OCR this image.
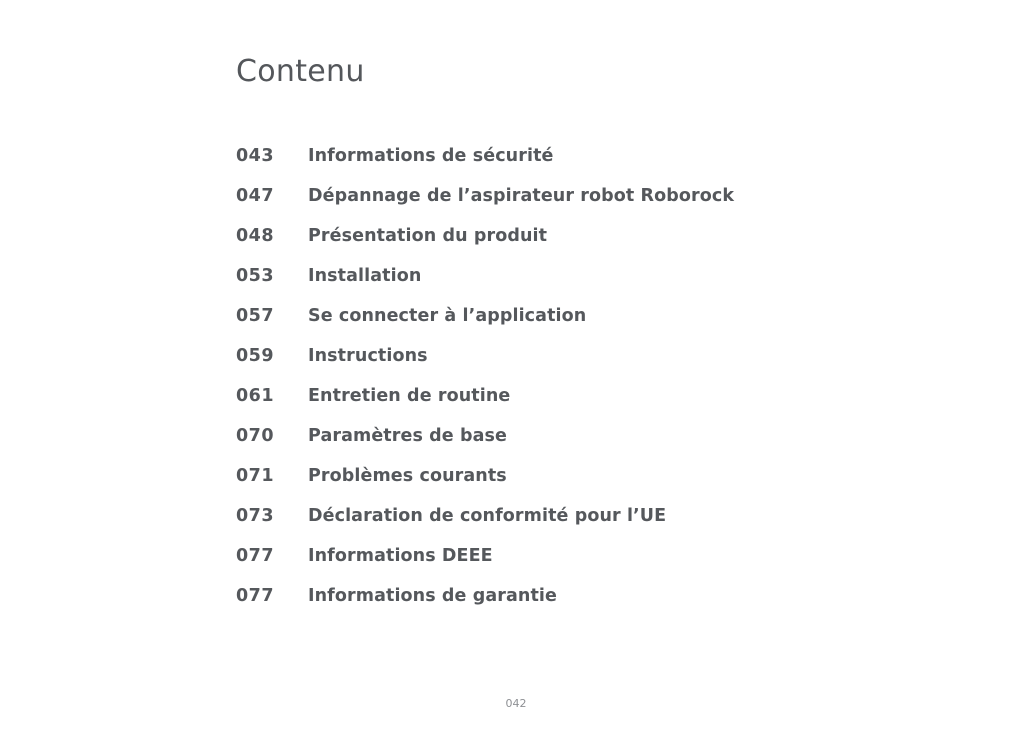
Contenu
043	Informations de sécurité
047	Dépannage de l’aspirateur robot Roborock
048	Présentation du produit
053	Installation
057	Se connecter à l’application
059	Instructions
061	Entretien de routine
070	Paramètres de base
071	Problèmes courants
073	Déclaration de conformité pour l’UE
077	Informations DEEE
077	Informations de garantie
042
